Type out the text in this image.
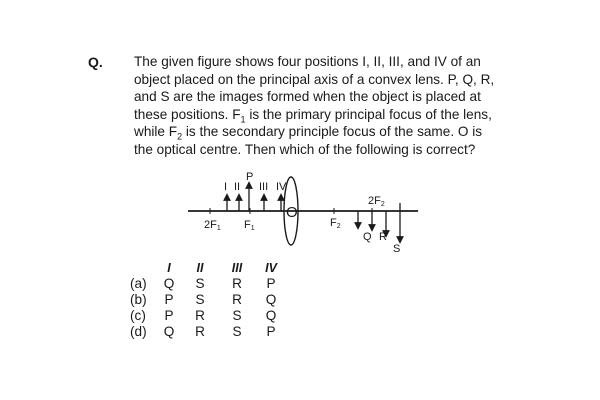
Q. The given figure shows four positions I, II, III, and IV of an
object placed on the principal axis of a convex lens. P, Q, R,
and S are the images formed when the object is placed at
these positions. $F_1$ is the primary principal focus of the lens,
while $F_2$ is the secondary principle focus of the same. O is
the optical centre. Then which of the following is correct?

I II
P
III IV
2F1 F1	F2
2F2
O
Q R
S
	I	II	III	IV
(a)	Q	S	R	P
(b)	P	S	R	Q
(c)	P	R	S	Q
(d)	Q	R	S	P
